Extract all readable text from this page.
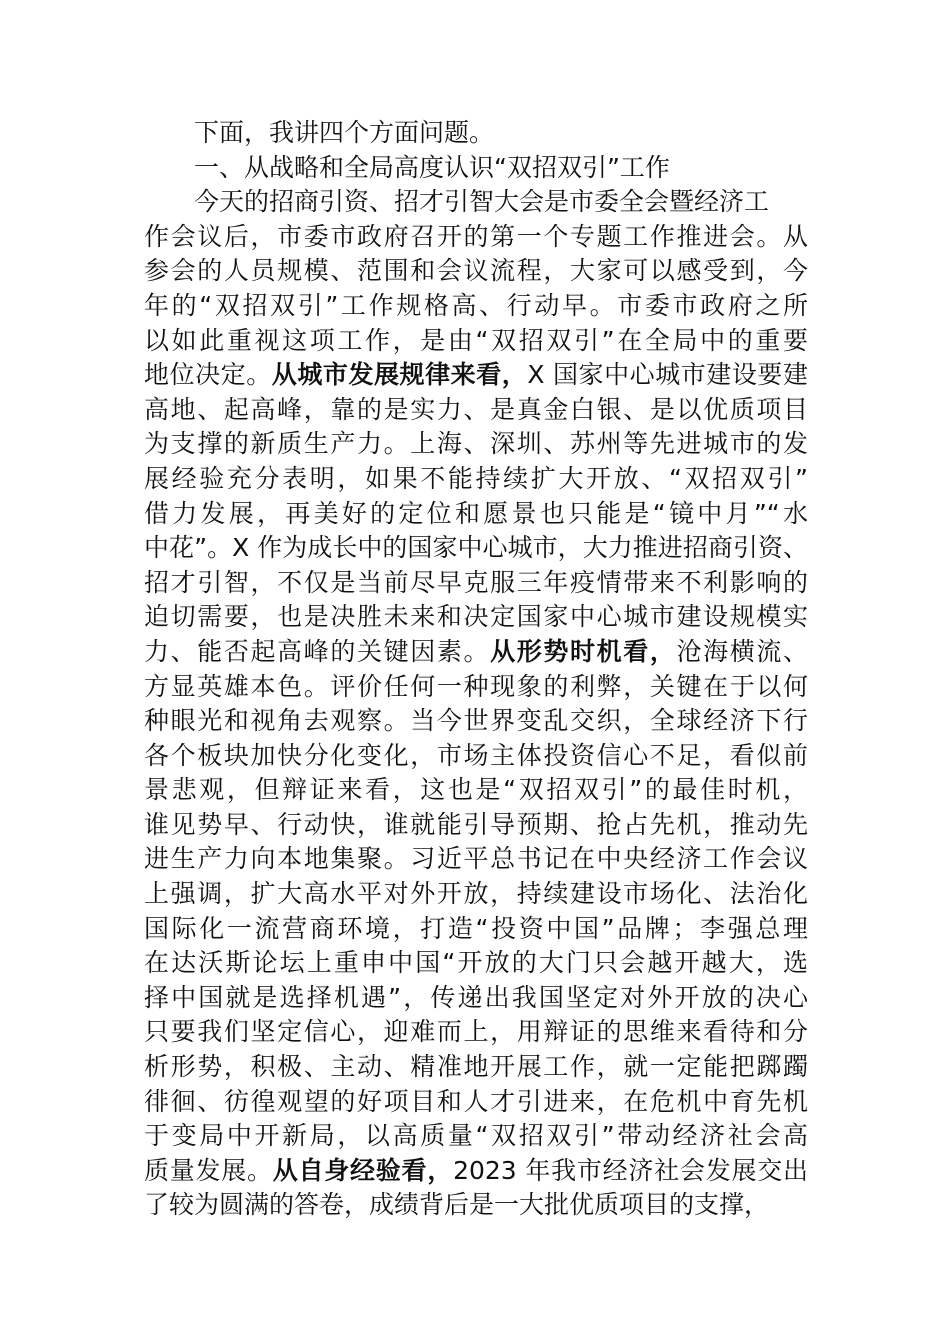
下面，我讲四个方面问题。
一、从战略和全局高度认识“双招双引”工作
今天的招商引资、招才引智大会是市委全会暨经济工
作会议后，市委市政府召开的第一个专题工作推进会。从
参会的人员规模、范围和会议流程，大家可以感受到，今
年的“双招双引”工作规格高、行动早。市委市政府之所
以如此重视这项工作，是由“双招双引”在全局中的重要
地位决定。从城市发展规律来看，X 国家中心城市建设要建
高地、起高峰，靠的是实力、是真金白银、是以优质项目
为支撑的新质生产力。上海、深圳、苏州等先进城市的发
展经验充分表明，如果不能持续扩大开放、“双招双引”
借力发展，再美好的定位和愿景也只能是“镜中月”“水
中花”。X 作为成长中的国家中心城市，大力推进招商引资、
招才引智，不仅是当前尽早克服三年疫情带来不利影响的
迫切需要，也是决胜未来和决定国家中心城市建设规模实
力、能否起高峰的关键因素。从形势时机看，沧海横流、
方显英雄本色。评价任何一种现象的利弊，关键在于以何
种眼光和视角去观察。当今世界变乱交织，全球经济下行
各个板块加快分化变化，市场主体投资信心不足，看似前
景悲观，但辩证来看，这也是“双招双引”的最佳时机，
谁见势早、行动快，谁就能引导预期、抢占先机，推动先
进生产力向本地集聚。习近平总书记在中央经济工作会议
上强调，扩大高水平对外开放，持续建设市场化、法治化
国际化一流营商环境，打造“投资中国”品牌；李强总理
在达沃斯论坛上重申中国“开放的大门只会越开越大，选
择中国就是选择机遇”，传递出我国坚定对外开放的决心
只要我们坚定信心，迎难而上，用辩证的思维来看待和分
析形势，积极、主动、精准地开展工作，就一定能把踯躅
徘徊、彷徨观望的好项目和人才引进来，在危机中育先机
于变局中开新局，以高质量“双招双引”带动经济社会高
质量发展。从自身经验看，2023 年我市经济社会发展交出
了较为圆满的答卷，成绩背后是一大批优质项目的支撑，
